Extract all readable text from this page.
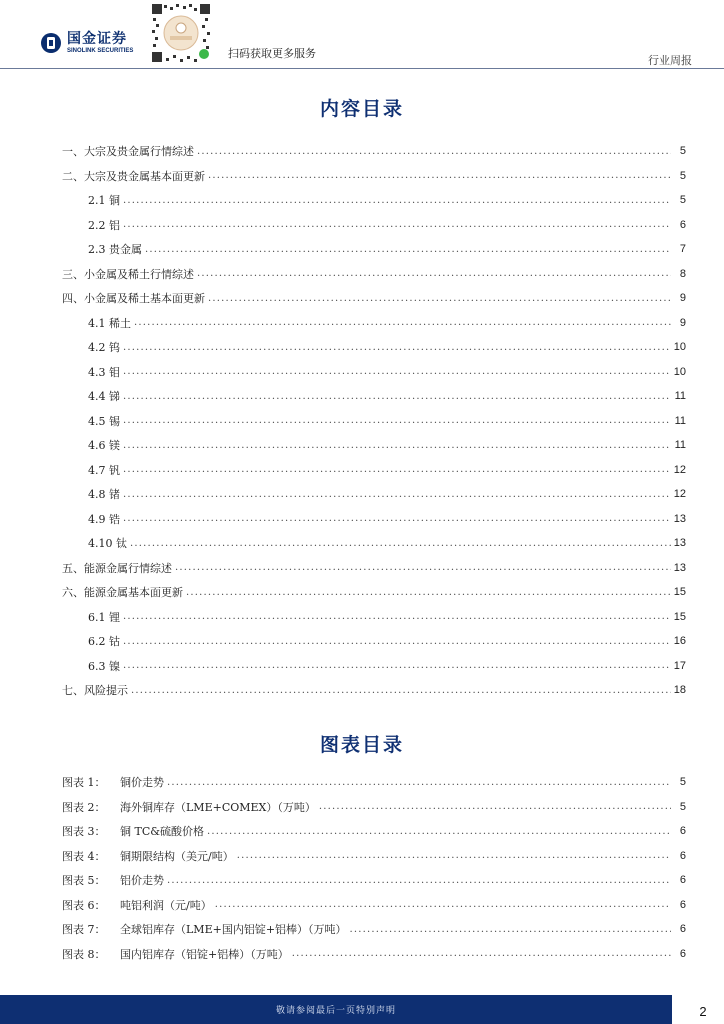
国金证券
SINOLINK SECURITIES	扫码获取更多服务
行业周报
内容目录
一、大宗及贵金属行情综述 .....	5
二、大宗及贵金属基本面更新 .....	5
2.1 铜 .....	5
2.2 铝 .....	6
2.3 贵金属 .....	7
三、小金属及稀土行情综述 .....	8
四、小金属及稀土基本面更新 .....	9
4.1 稀土 .....	9
4.2 钨 .....	10
4.3 钼 .....	10
4.4 锑 .....	11
4.5 锡 .....	11
4.6 镁 .....	11
4.7 钒 .....	12
4.8 锗 .....	12
4.9 锆 .....	13
4.10 钛 .....	13
五、能源金属行情综述 .....	13
六、能源金属基本面更新 .....	15
6.1 锂 .....	15
6.2 钴 .....	16
6.3 镍 .....	17
七、风险提示 .....	18
图表目录
图表 1：	铜价走势 .....	5
图表 2：	海外铜库存（LME+COMEX）（万吨） .....	5
图表 3：	铜 TC&硫酸价格 .....	6
图表 4：	铜期限结构（美元/吨） .....	6
图表 5：	铝价走势 .....	6
图表 6：	吨铝利润（元/吨） .....	6
图表 7：	全球铝库存（LME+国内铝锭+铝棒）（万吨） .....	6
图表 8：	国内铝库存（铝锭+铝棒）（万吨） .....	6
敬请参阅最后一页特别声明	2
